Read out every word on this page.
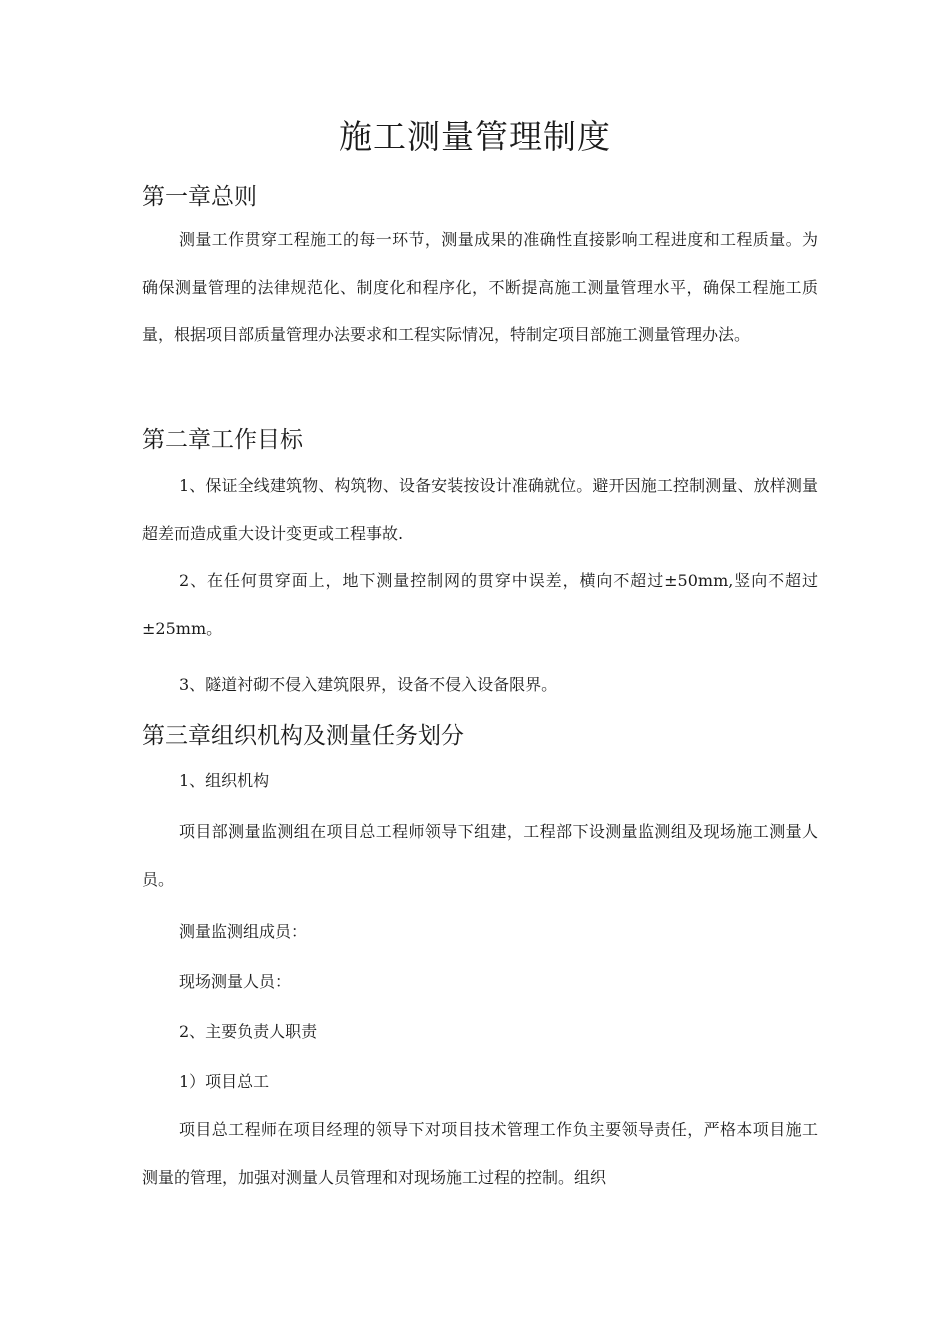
施工测量管理制度
第一章总则

测量工作贯穿工程施工的每一环节，测量成果的准确性直接影响工程进度和工程质量。为确保测量管理的法律规范化、制度化和程序化，不断提高施工测量管理水平，确保工程施工质量，根据项目部质量管理办法要求和工程实际情况，特制定项目部施工测量管理办法。

第二章工作目标

1、保证全线建筑物、构筑物、设备安装按设计准确就位。避开因施工控制测量、放样测量超差而造成重大设计变更或工程事故.

2、在任何贯穿面上，地下测量控制网的贯穿中误差，横向不超过±50mm,竖向不超过±25mm。

3、隧道衬砌不侵入建筑限界，设备不侵入设备限界。

第三章组织机构及测量任务划分

1、组织机构

项目部测量监测组在项目总工程师领导下组建，工程部下设测量监测组及现场施工测量人员。

测量监测组成员：

现场测量人员：

2、主要负责人职责

1）项目总工

项目总工程师在项目经理的领导下对项目技术管理工作负主要领导责任，严格本项目施工测量的管理，加强对测量人员管理和对现场施工过程的控制。组织
